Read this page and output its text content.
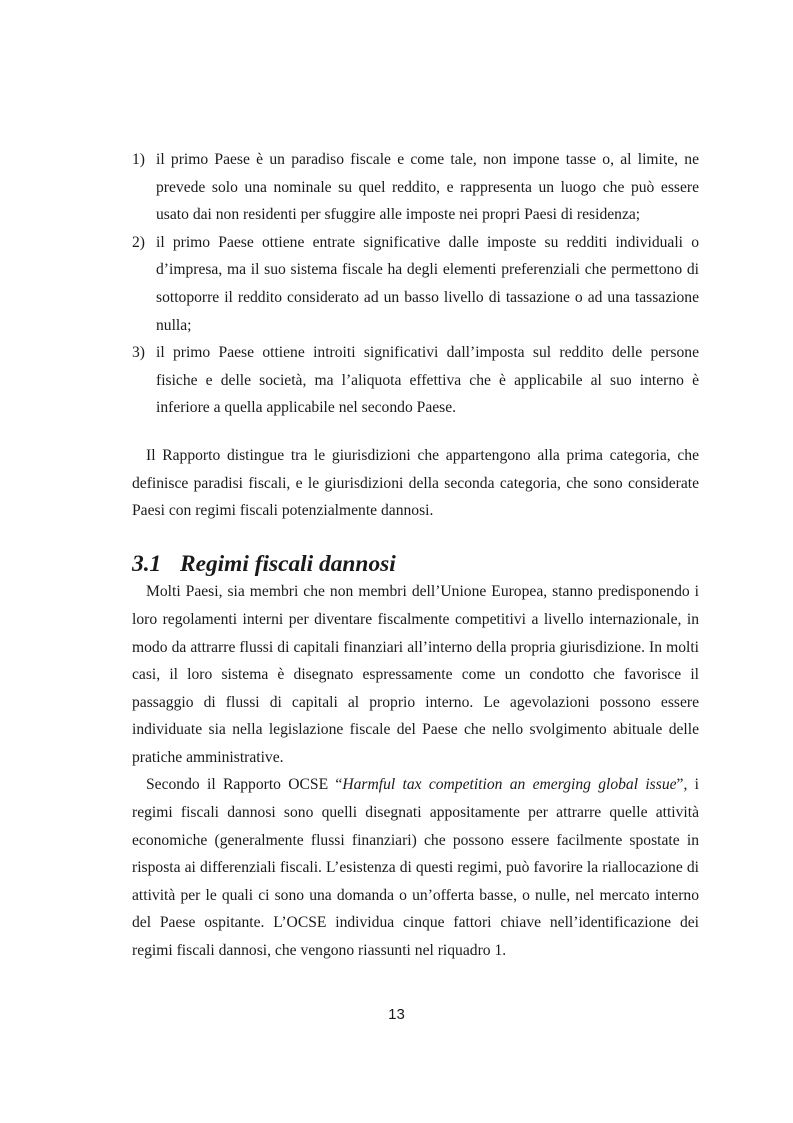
1) il primo Paese è un paradiso fiscale e come tale, non impone tasse o, al limite, ne prevede solo una nominale su quel reddito, e rappresenta un luogo che può essere usato dai non residenti per sfuggire alle imposte nei propri Paesi di residenza;
2) il primo Paese ottiene entrate significative dalle imposte su redditi individuali o d’impresa, ma il suo sistema fiscale ha degli elementi preferenziali che permettono di sottoporre il reddito considerato ad un basso livello di tassazione o ad una tassazione nulla;
3) il primo Paese ottiene introiti significativi dall’imposta sul reddito delle persone fisiche e delle società, ma l’aliquota effettiva che è applicabile al suo interno è inferiore a quella applicabile nel secondo Paese.

Il Rapporto distingue tra le giurisdizioni che appartengono alla prima categoria, che definisce paradisi fiscali, e le giurisdizioni della seconda categoria, che sono considerate Paesi con regimi fiscali potenzialmente dannosi.

3.1 Regimi fiscali dannosi

Molti Paesi, sia membri che non membri dell’Unione Europea, stanno predisponendo i loro regolamenti interni per diventare fiscalmente competitivi a livello internazionale, in modo da attrarre flussi di capitali finanziari all’interno della propria giurisdizione. In molti casi, il loro sistema è disegnato espressamente come un condotto che favorisce il passaggio di flussi di capitali al proprio interno. Le agevolazioni possono essere individuate sia nella legislazione fiscale del Paese che nello svolgimento abituale delle pratiche amministrative.

Secondo il Rapporto OCSE “Harmful tax competition an emerging global issue”, i regimi fiscali dannosi sono quelli disegnati appositamente per attrarre quelle attività economiche (generalmente flussi finanziari) che possono essere facilmente spostate in risposta ai differenziali fiscali. L’esistenza di questi regimi, può favorire la riallocazione di attività per le quali ci sono una domanda o un’offerta basse, o nulle, nel mercato interno del Paese ospitante. L’OCSE individua cinque fattori chiave nell’identificazione dei regimi fiscali dannosi, che vengono riassunti nel riquadro 1.

13
